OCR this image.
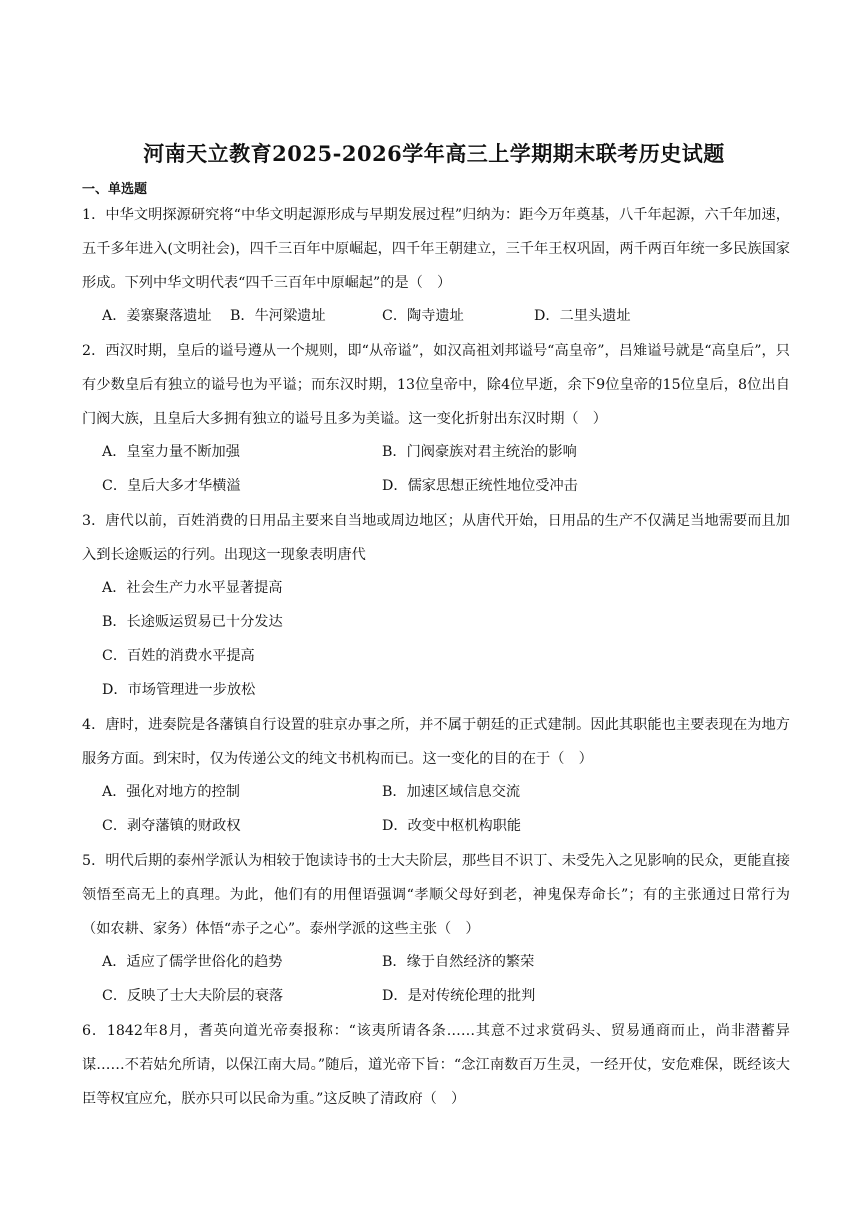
河南天立教育2025-2026学年高三上学期期末联考历史试题
一、单选题
1．中华文明探源研究将“中华文明起源形成与早期发展过程”归纳为：距今万年奠基，八千年起源，六千年加速，五千多年进入(文明社会)，四千三百年中原崛起，四千年王朝建立，三千年王权巩固，两千两百年统一多民族国家形成。下列中华文明代表“四千三百年中原崛起”的是（　）
A．姜寨聚落遗址 B．牛河梁遗址	C．陶寺遗址	D．二里头遗址
2．西汉时期，皇后的谥号遵从一个规则，即“从帝谥”，如汉高祖刘邦谥号“高皇帝”，吕雉谥号就是“高皇后”，只有少数皇后有独立的谥号也为平谥；而东汉时期，13位皇帝中，除4位早逝，余下9位皇帝的15位皇后，8位出自门阀大族，且皇后大多拥有独立的谥号且多为美谥。这一变化折射出东汉时期（　）
A．皇室力量不断加强	B．门阀豪族对君主统治的影响
C．皇后大多才华横溢	D．儒家思想正统性地位受冲击
3．唐代以前，百姓消费的日用品主要来自当地或周边地区；从唐代开始，日用品的生产不仅满足当地需要而且加入到长途贩运的行列。出现这一现象表明唐代
A．社会生产力水平显著提高
B．长途贩运贸易已十分发达
C．百姓的消费水平提高
D．市场管理进一步放松
4．唐时，进奏院是各藩镇自行设置的驻京办事之所，并不属于朝廷的正式建制。因此其职能也主要表现在为地方服务方面。到宋时，仅为传递公文的纯文书机构而已。这一变化的目的在于（　）
A．强化对地方的控制	B．加速区域信息交流
C．剥夺藩镇的财政权	D．改变中枢机构职能
5．明代后期的泰州学派认为相较于饱读诗书的士大夫阶层，那些目不识丁、未受先入之见影响的民众，更能直接领悟至高无上的真理。为此，他们有的用俚语强调“孝顺父母好到老，神鬼保寿命长”；有的主张通过日常行为（如农耕、家务）体悟“赤子之心”。泰州学派的这些主张（　）
A．适应了儒学世俗化的趋势	B．缘于自然经济的繁荣
C．反映了士大夫阶层的衰落	D．是对传统伦理的批判
6．1842年8月，耆英向道光帝奏报称：“该夷所请各条……其意不过求赏码头、贸易通商而止，尚非潜蓄异谋……不若姑允所请，以保江南大局。”随后，道光帝下旨：“念江南数百万生灵，一经开仗，安危难保，既经该大臣等权宜应允，朕亦只可以民命为重。”这反映了清政府（　）
